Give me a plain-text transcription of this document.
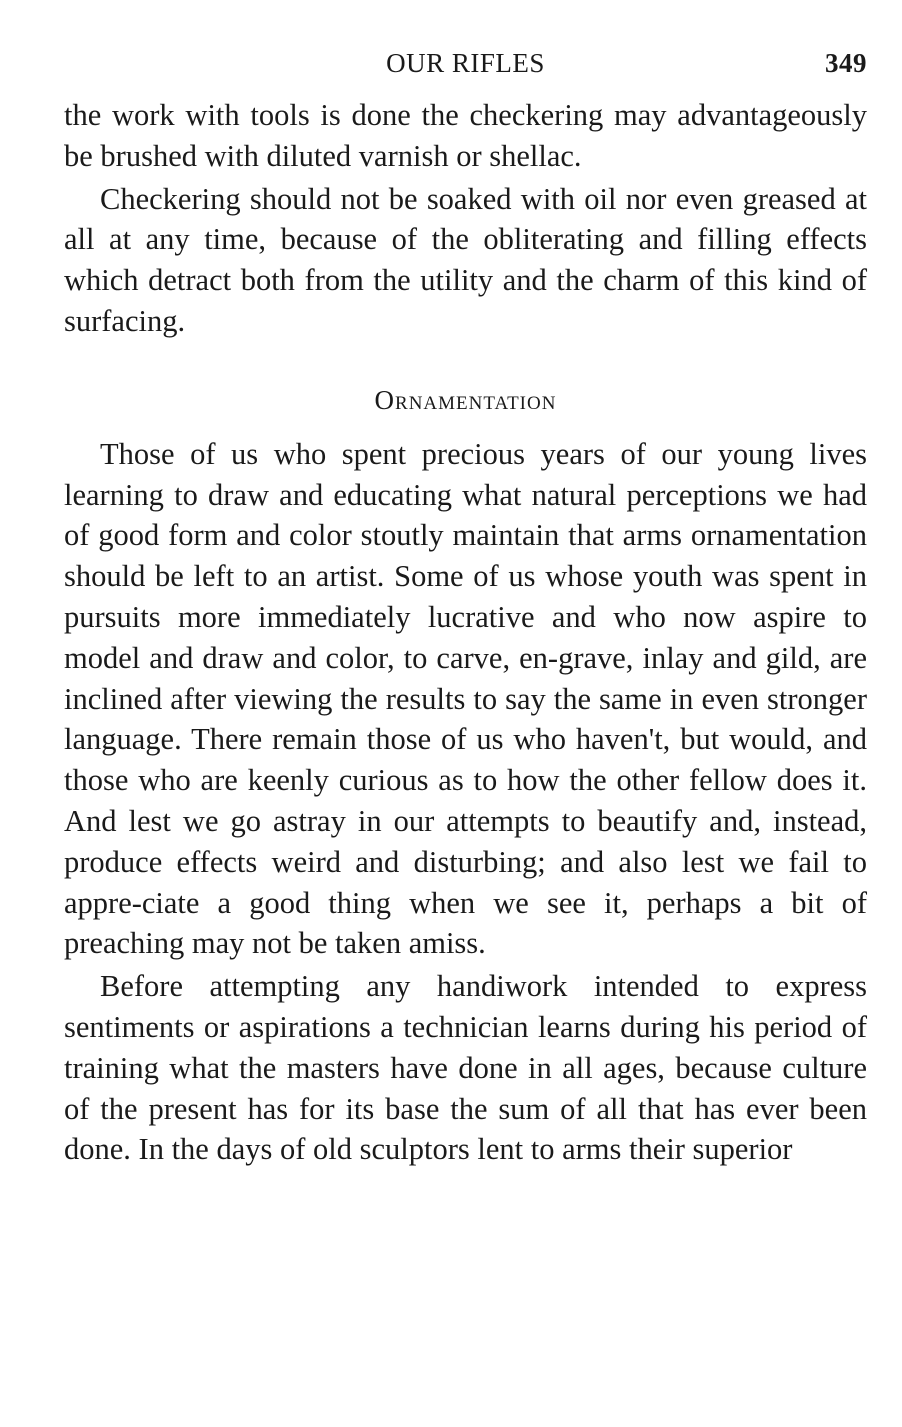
OUR RIFLES	349

the work with tools is done the checkering may advantageously be brushed with diluted varnish or shellac.

Checkering should not be soaked with oil nor even greased at all at any time, because of the obliterating and filling effects which detract both from the utility and the charm of this kind of surfacing.

Ornamentation

Those of us who spent precious years of our young lives learning to draw and educating what natural perceptions we had of good form and color stoutly maintain that arms ornamentation should be left to an artist. Some of us whose youth was spent in pursuits more immediately lucrative and who now aspire to model and draw and color, to carve, en-grave, inlay and gild, are inclined after viewing the results to say the same in even stronger language. There remain those of us who haven't, but would, and those who are keenly curious as to how the other fellow does it. And lest we go astray in our attempts to beautify and, instead, produce effects weird and disturbing; and also lest we fail to appre-ciate a good thing when we see it, perhaps a bit of preaching may not be taken amiss.

Before attempting any handiwork intended to express sentiments or aspirations a technician learns during his period of training what the masters have done in all ages, because culture of the present has for its base the sum of all that has ever been done. In the days of old sculptors lent to arms their superior
